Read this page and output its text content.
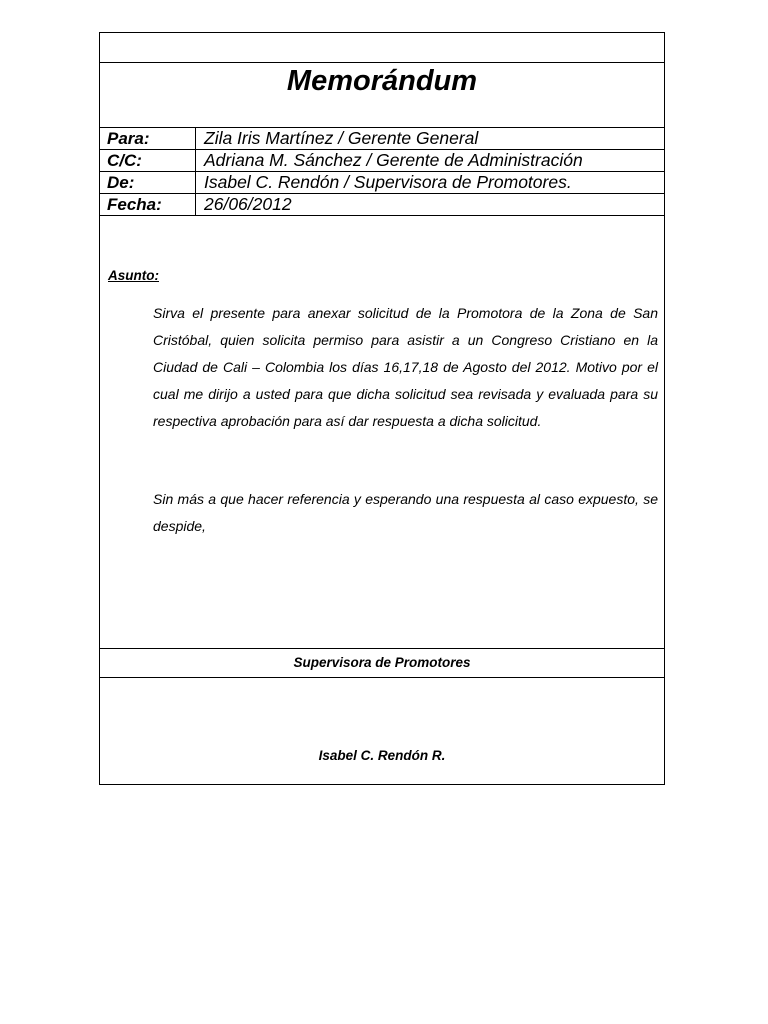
Memorándum
Para:	Zila Iris Martínez / Gerente General
C/C:	Adriana M. Sánchez / Gerente de Administración
De:	Isabel C. Rendón / Supervisora de Promotores.
Fecha:	26/06/2012
Asunto:
Sirva el presente para anexar solicitud de la Promotora de la Zona de San Cristóbal, quien solicita permiso para asistir a un Congreso Cristiano en la Ciudad de Cali – Colombia los días 16,17,18 de Agosto del 2012. Motivo por el cual me dirijo a usted para que dicha solicitud sea revisada y evaluada para su respectiva aprobación para así dar respuesta a dicha solicitud.
Sin más a que hacer referencia y esperando una respuesta al caso expuesto, se despide,
Supervisora de Promotores
Isabel C. Rendón R.
